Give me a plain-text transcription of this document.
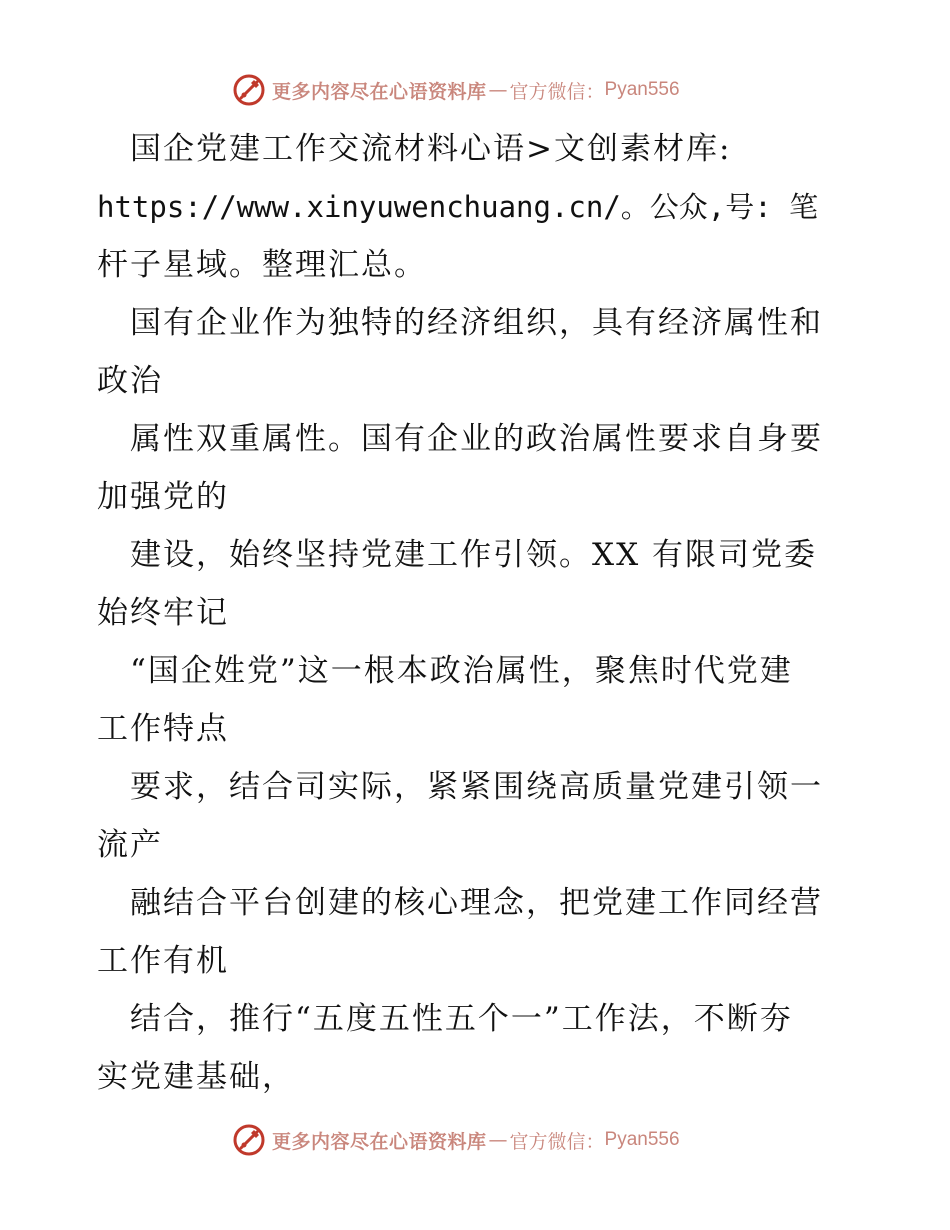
更多内容尽在心语资料库 — 官方微信： Pyan556
　国企党建工作交流材料心语>文创素材库:
https://www.xinyuwenchuang.cn/。公众,号: 笔
杆子星域。整理汇总。
　国有企业作为独特的经济组织，具有经济属性和
政治
　属性双重属性。国有企业的政治属性要求自身要
加强党的
　建设，始终坚持党建工作引领。XX 有限司党委
始终牢记
　“国企姓党”这一根本政治属性，聚焦时代党建
工作特点
　要求，结合司实际，紧紧围绕高质量党建引领一
流产
　融结合平台创建的核心理念，把党建工作同经营
工作有机
　结合，推行“五度五性五个一”工作法，不断夯
实党建基础，
更多内容尽在心语资料库 — 官方微信： Pyan556
